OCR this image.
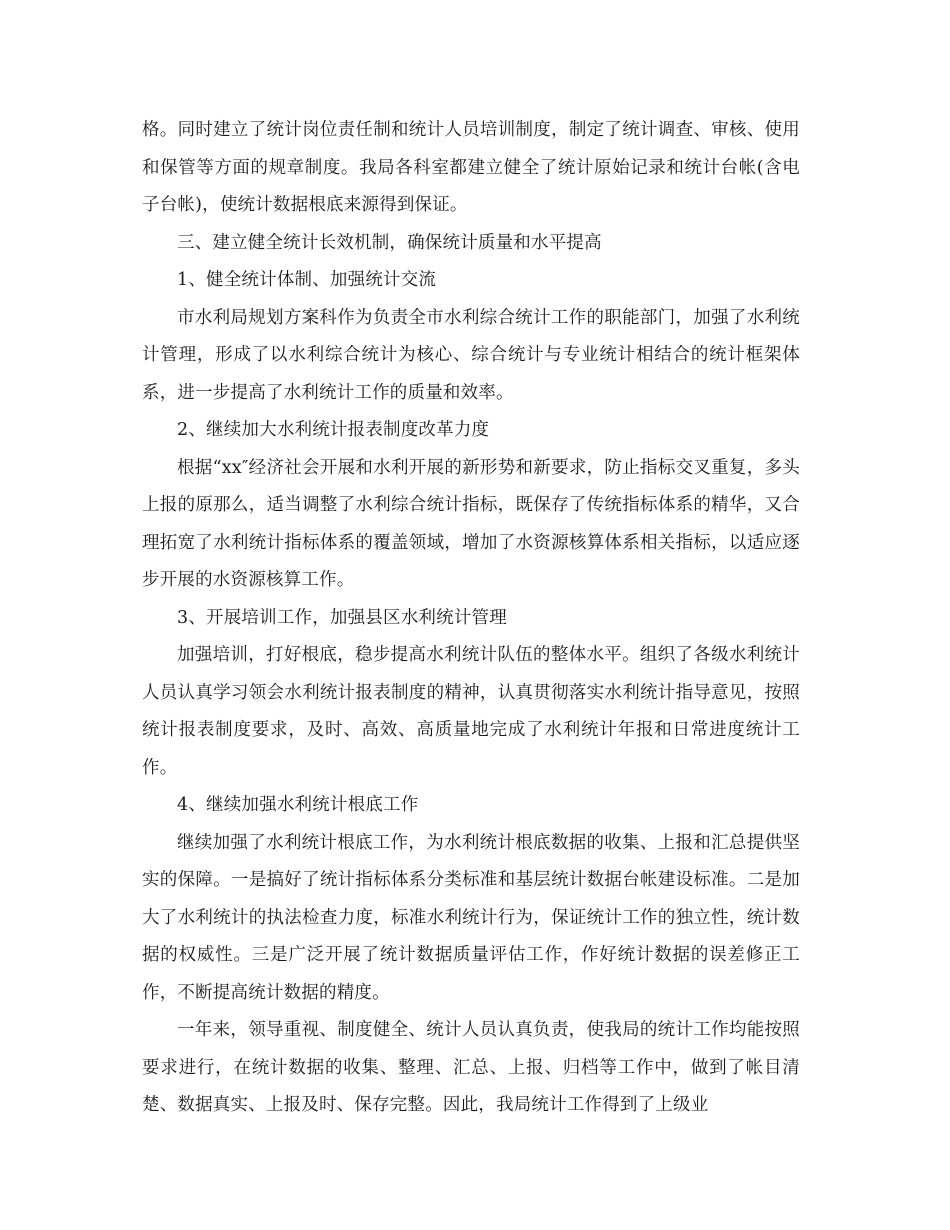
格。同时建立了统计岗位责任制和统计人员培训制度，制定了统计调查、审核、使用和保管等方面的规章制度。我局各科室都建立健全了统计原始记录和统计台帐(含电子台帐)，使统计数据根底来源得到保证。

三、建立健全统计长效机制，确保统计质量和水平提高

1、健全统计体制、加强统计交流

市水利局规划方案科作为负责全市水利综合统计工作的职能部门，加强了水利统计管理，形成了以水利综合统计为核心、综合统计与专业统计相结合的统计框架体系，进一步提高了水利统计工作的质量和效率。

2、继续加大水利统计报表制度改革力度

根据“xx″经济社会开展和水利开展的新形势和新要求，防止指标交叉重复，多头上报的原那么，适当调整了水利综合统计指标，既保存了传统指标体系的精华，又合理拓宽了水利统计指标体系的覆盖领域，增加了水资源核算体系相关指标，以适应逐步开展的水资源核算工作。

3、开展培训工作，加强县区水利统计管理

加强培训，打好根底，稳步提高水利统计队伍的整体水平。组织了各级水利统计人员认真学习领会水利统计报表制度的精神，认真贯彻落实水利统计指导意见，按照统计报表制度要求，及时、高效、高质量地完成了水利统计年报和日常进度统计工作。

4、继续加强水利统计根底工作

继续加强了水利统计根底工作，为水利统计根底数据的收集、上报和汇总提供坚实的保障。一是搞好了统计指标体系分类标准和基层统计数据台帐建设标准。二是加大了水利统计的执法检查力度，标准水利统计行为，保证统计工作的独立性，统计数据的权威性。三是广泛开展了统计数据质量评估工作，作好统计数据的误差修正工作，不断提高统计数据的精度。

一年来，领导重视、制度健全、统计人员认真负责，使我局的统计工作均能按照要求进行，在统计数据的收集、整理、汇总、上报、归档等工作中，做到了帐目清楚、数据真实、上报及时、保存完整。因此，我局统计工作得到了上级业
